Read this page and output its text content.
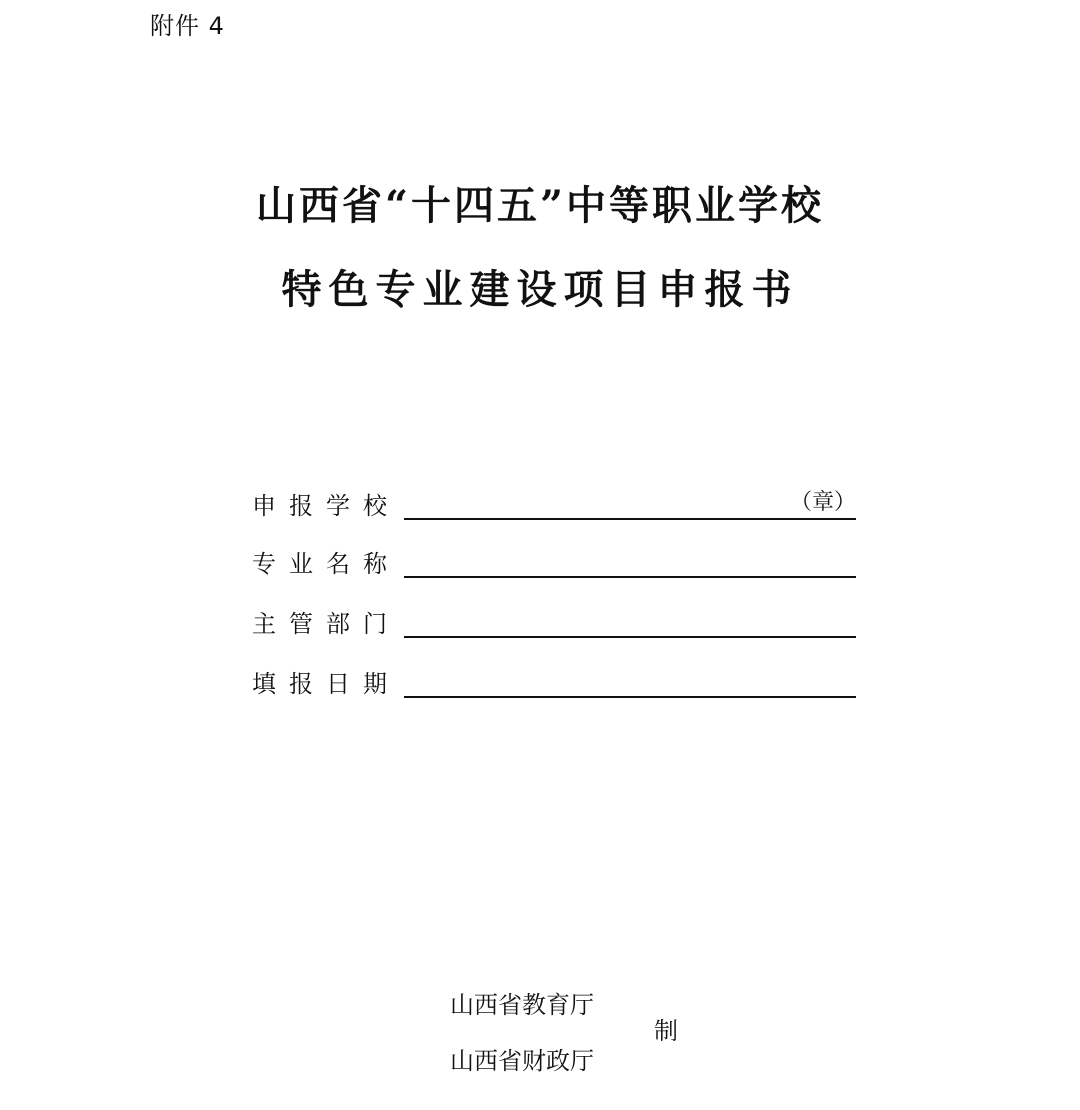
附件 4
山西省“十四五”中等职业学校
特色专业建设项目申报书
申报学校	（章）
专业名称
主管部门
填报日期
山西省教育厅
制
山西省财政厅
